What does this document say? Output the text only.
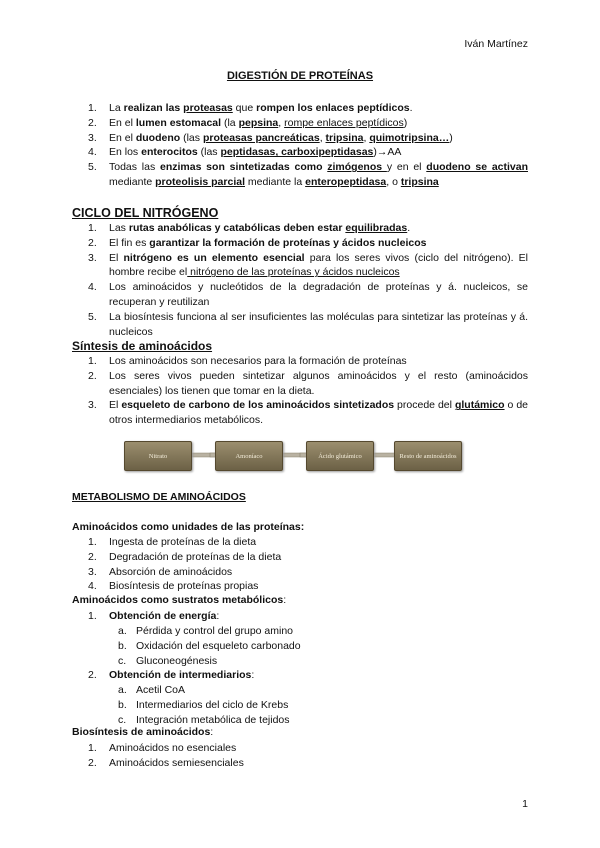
Iván Martínez
DIGESTIÓN DE PROTEÍNAS
1. La realizan las proteasas que rompen los enlaces peptídicos.
2. En el lumen estomacal (la pepsina, rompe enlaces peptídicos)
3. En el duodeno (las proteasas pancreáticas, tripsina, quimotripsina…)
4. En los enterocitos (las peptidasas, carboxipeptidasas)→AA
5. Todas las enzimas son sintetizadas como zimógenos y en el duodeno se activan mediante proteolisis parcial mediante la enteropeptidasa, o tripsina
CICLO DEL NITRÓGENO
1. Las rutas anabólicas y catabólicas deben estar equilibradas.
2. El fin es garantizar la formación de proteínas y ácidos nucleicos
3. El nitrógeno es un elemento esencial para los seres vivos (ciclo del nitrógeno). El hombre recibe el nitrógeno de las proteínas y ácidos nucleicos
4. Los aminoácidos y nucleótidos de la degradación de proteínas y á. nucleicos, se recuperan y reutilizan
5. La biosíntesis funciona al ser insuficientes las moléculas para sintetizar las proteínas y á. nucleicos
Síntesis de aminoácidos
1. Los aminoácidos son necesarios para la formación de proteínas
2. Los seres vivos pueden sintetizar algunos aminoácidos y el resto (aminoácidos esenciales) los tienen que tomar en la dieta.
3. El esqueleto de carbono de los aminoácidos sintetizados procede del glutámico o de otros intermediarios metabólicos.
Nitrato	Amoníaco	Ácido glutámico	Resto de aminoácidos
METABOLISMO DE AMINOÁCIDOS
Aminoácidos como unidades de las proteínas:
1. Ingesta de proteínas de la dieta
2. Degradación de proteínas de la dieta
3. Absorción de aminoácidos
4. Biosíntesis de proteínas propias
Aminoácidos como sustratos metabólicos:
1. Obtención de energía:
a. Pérdida y control del grupo amino
b. Oxidación del esqueleto carbonado
c. Gluconeogénesis
2. Obtención de intermediarios:
a. Acetil CoA
b. Intermediarios del ciclo de Krebs
c. Integración metabólica de tejidos
Biosíntesis de aminoácidos:
1. Aminoácidos no esenciales
2. Aminoácidos semiesenciales
1
